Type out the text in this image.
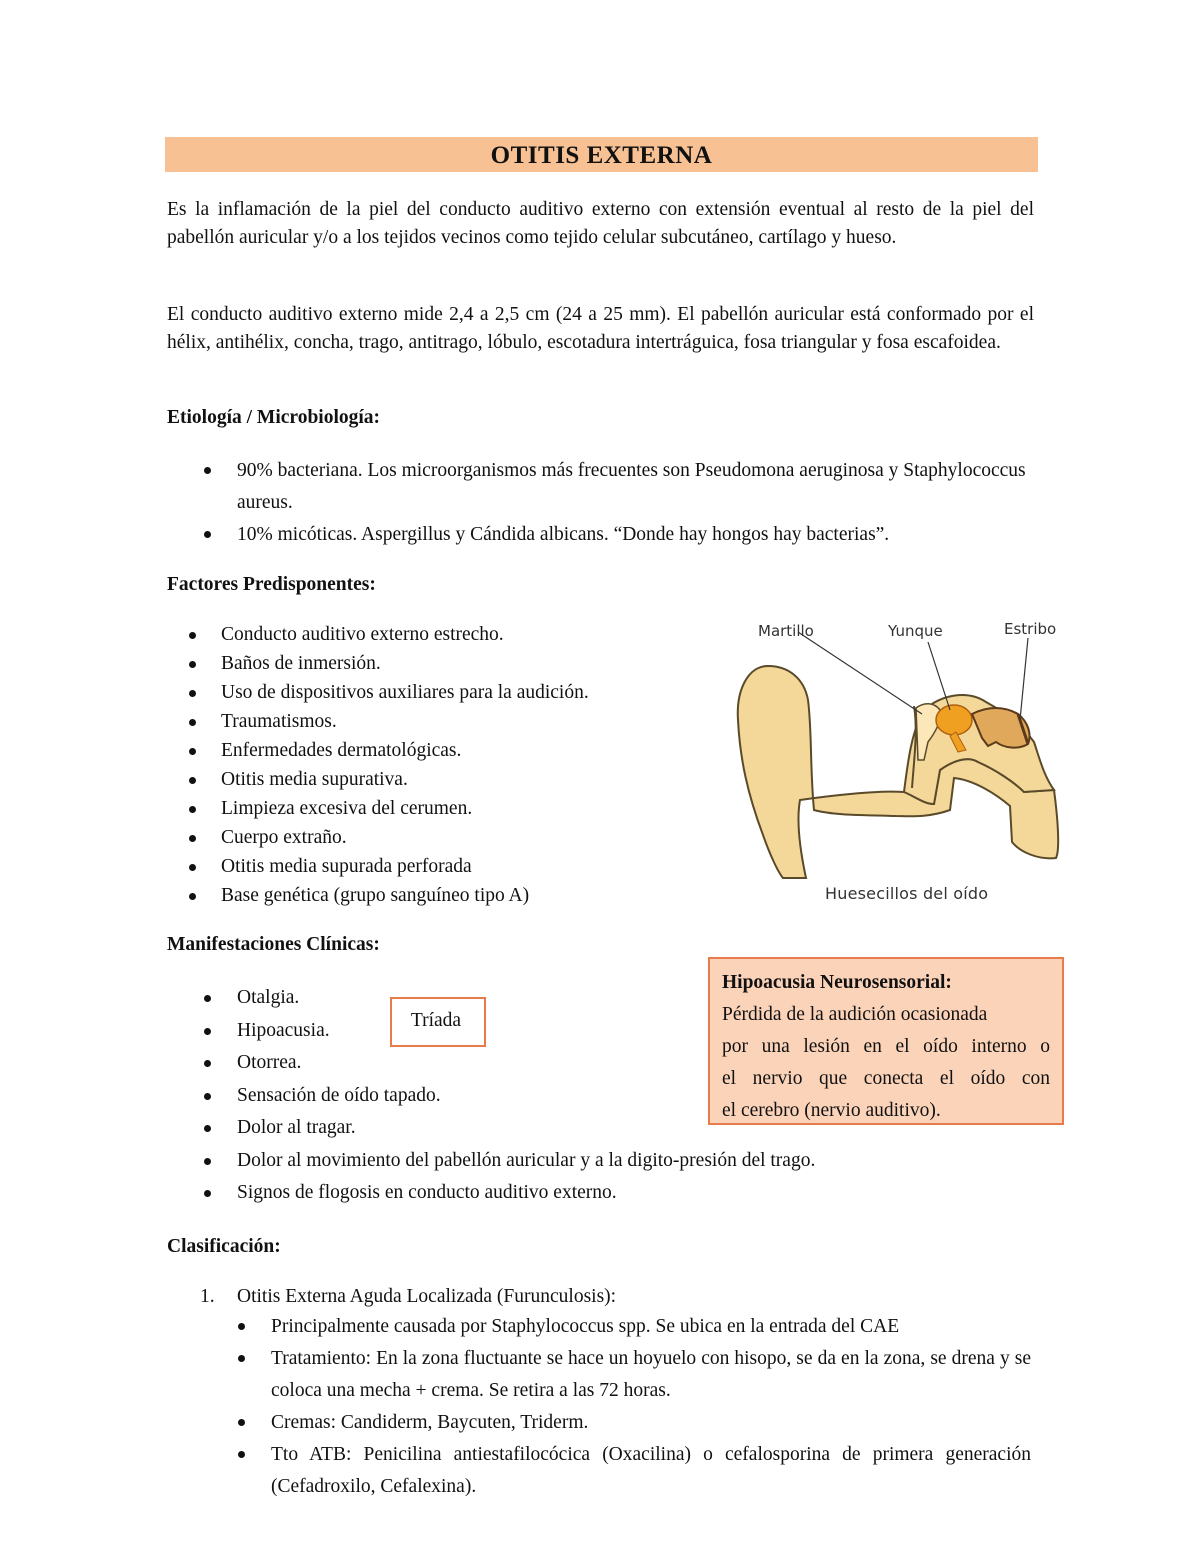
OTITIS EXTERNA

Es la inflamación de la piel del conducto auditivo externo con extensión eventual al resto de la piel del pabellón auricular y/o a los tejidos vecinos como tejido celular subcutáneo, cartílago y hueso.

El conducto auditivo externo mide 2,4 a 2,5 cm (24 a 25 mm). El pabellón auricular está conformado por el hélix, antihélix, concha, trago, antitrago, lóbulo, escotadura intertráguica, fosa triangular y fosa escafoidea.

Etiología / Microbiología:
90% bacteriana. Los microorganismos más frecuentes son Pseudomona aeruginosa y Staphylococcus aureus.
10% micóticas. Aspergillus y Cándida albicans. “Donde hay hongos hay bacterias”.
Factores Predisponentes:
Conducto auditivo externo estrecho.
Baños de inmersión.
Uso de dispositivos auxiliares para la audición.
Traumatismos.
Enfermedades dermatológicas.
Otitis media supurativa.
Limpieza excesiva del cerumen.
Cuerpo extraño.
Otitis media supurada perforada
Base genética (grupo sanguíneo tipo A)
Martillo	Yunque	Estribo
Huesecillos del oído
Manifestaciones Clínicas:
Otalgia.
Hipoacusia.
Otorrea.
Sensación de oído tapado.
Dolor al tragar.
Dolor al movimiento del pabellón auricular y a la digito-presión del trago.
Signos de flogosis en conducto auditivo externo.
Tríada
Hipoacusia Neurosensorial:
Pérdida de la audición ocasionada
por una lesión en el oído interno o
el nervio que conecta el oído con
el cerebro (nervio auditivo).
Clasificación:
1. Otitis Externa Aguda Localizada (Furunculosis):
Principalmente causada por Staphylococcus spp. Se ubica en la entrada del CAE
Tratamiento: En la zona fluctuante se hace un hoyuelo con hisopo, se da en la zona, se drena y se coloca una mecha + crema. Se retira a las 72 horas.
Cremas: Candiderm, Baycuten, Triderm.
Tto ATB: Penicilina antiestafilocócica (Oxacilina) o cefalosporina de primera generación (Cefadroxilo, Cefalexina).
